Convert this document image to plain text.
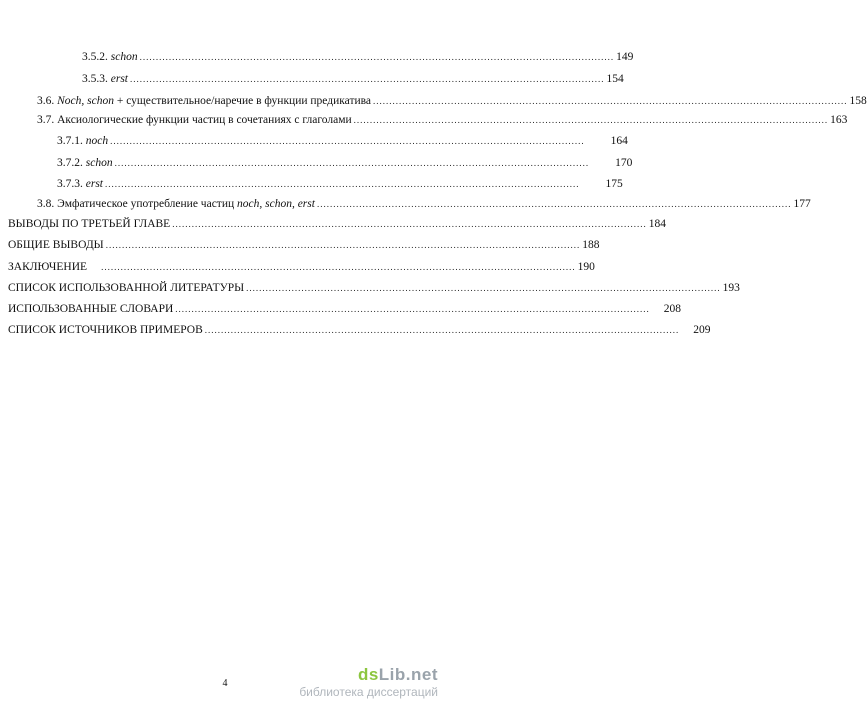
3.5.2. schon .................................................................................................................................................. 149
3.5.3. erst .................................................................................................................................................. 154
3.6. Noch, schon + существительное/наречие в функции предикатива .................................................................................................................................................. 158
3.7. Аксиологические функции частиц в сочетаниях с глаголами .................................................................................................................................................. 163
3.7.1. noch .................................................................................................................................................. 164
3.7.2. schon .................................................................................................................................................. 170
3.7.3. erst .................................................................................................................................................. 175
3.8. Эмфатическое употребление частиц noch, schon, erst .................................................................................................................................................. 177
ВЫВОДЫ ПО ТРЕТЬЕЙ ГЛАВЕ .................................................................................................................................................. 184
ОБЩИЕ ВЫВОДЫ .................................................................................................................................................. 188
ЗАКЛЮЧЕНИЕ .................................................................................................................................................. 190
СПИСОК ИСПОЛЬЗОВАННОЙ ЛИТЕРАТУРЫ .................................................................................................................................................. 193
ИСПОЛЬЗОВАННЫЕ СЛОВАРИ .................................................................................................................................................. 208
СПИСОК ИСТОЧНИКОВ ПРИМЕРОВ .................................................................................................................................................. 209
4	dsLib.net
библиотека диссертаций
